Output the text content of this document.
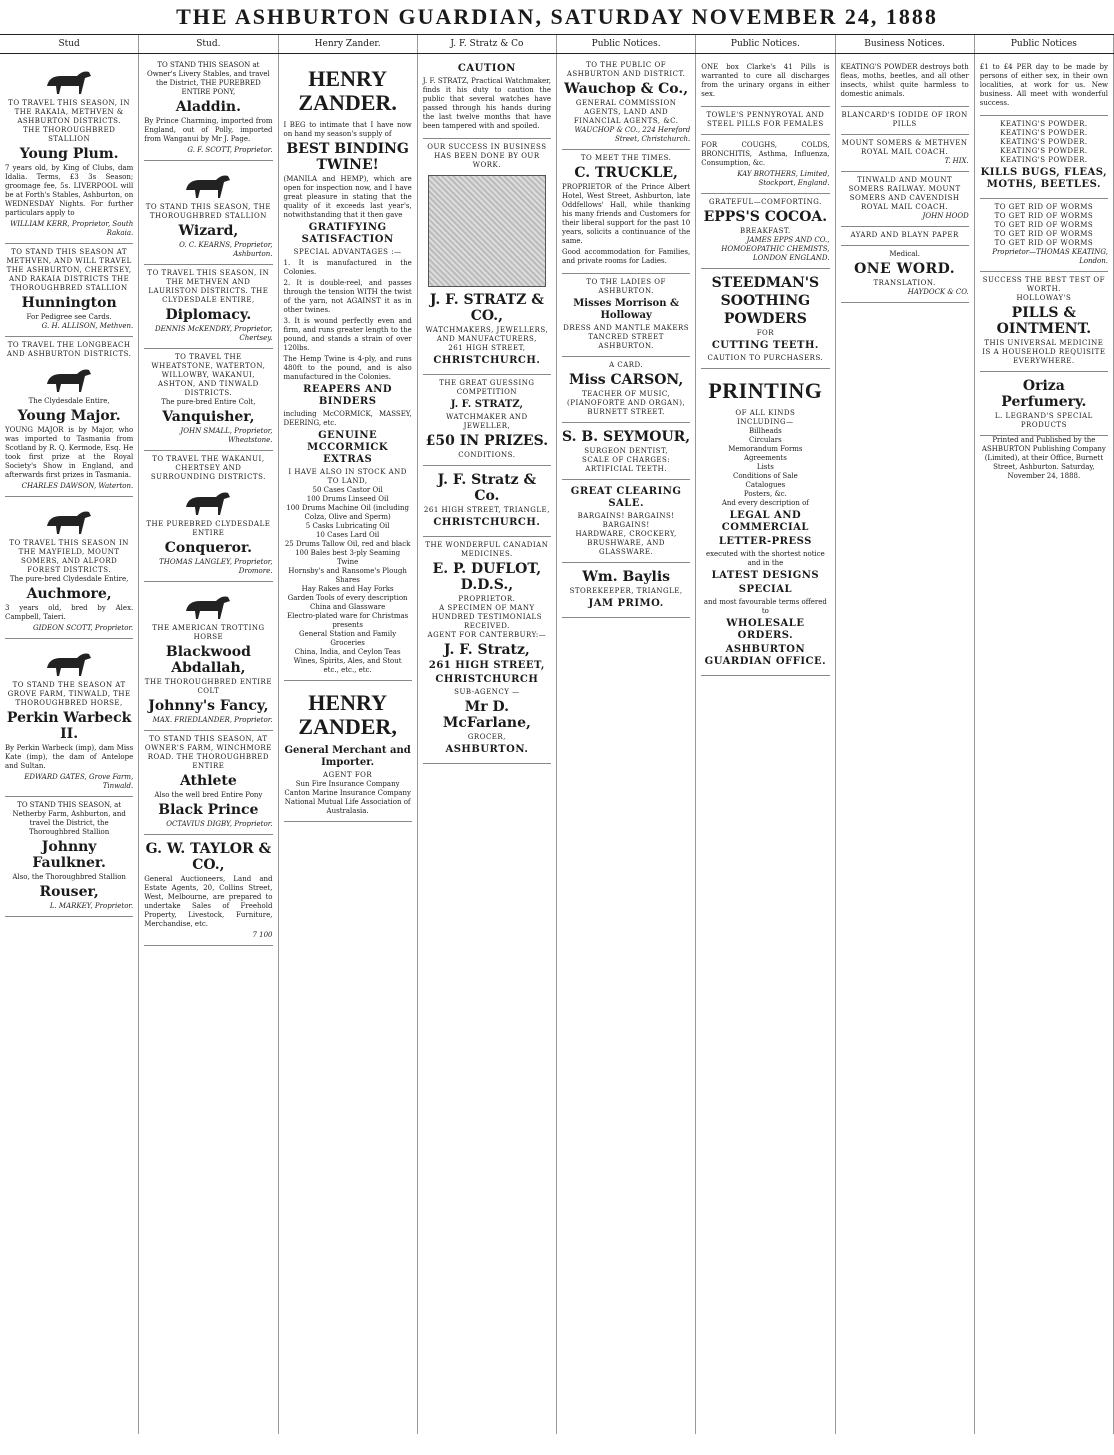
THE ASHBURTON GUARDIAN, SATURDAY NOVEMBER 24, 1888
Stud	Stud.	Henry Zander.	J. F. Stratz & Co	Public Notices.	Public Notices.	Business Notices.	Public Notices
TO TRAVEL THIS SEASON, IN THE RAKAIA, METHVEN & ASHBURTON DISTRICTS.
THE THOROUGHBRED STALLION
Young Plum.

7 years old, by King of Clubs, dam Idalia. Terms, £3 3s Season; groomage fee, 5s. LIVERPOOL will be at Forth's Stables, Ashburton, on WEDNESDAY Nights. For further particulars apply to

WILLIAM KERR, Proprietor, South Rakaia.
TO STAND THIS SEASON AT METHVEN, AND WILL TRAVEL THE ASHBURTON, CHERTSEY, AND RAKAIA DISTRICTS THE THOROUGHBRED STALLION
Hunnington
For Pedigree see Cards.
G. H. ALLISON, Methven.
TO TRAVEL THE LONGBEACH AND ASHBURTON DISTRICTS.
The Clydesdale Entire,
Young Major.

YOUNG MAJOR is by Major, who was imported to Tasmania from Scotland by R. Q. Kermode, Esq. He took first prize at the Royal Society's Show in England, and afterwards first prizes in Tasmania.

CHARLES DAWSON, Waterton.
TO TRAVEL THIS SEASON IN THE MAYFIELD, MOUNT SOMERS, AND ALFORD FOREST DISTRICTS.
The pure-bred Clydesdale Entire,
Auchmore,

3 years old, bred by Alex. Campbell, Taieri.

GIDEON SCOTT, Proprietor.
TO STAND THE SEASON AT GROVE FARM, TINWALD, THE THOROUGHBRED HORSE,
Perkin Warbeck II.

By Perkin Warbeck (imp), dam Miss Kate (imp), the dam of Antelope and Sultan.

EDWARD GATES, Grove Farm, Tinwald.
TO STAND THIS SEASON, at Netherby Farm, Ashburton, and travel the District, the Thoroughbred Stallion
Johnny Faulkner.
Also, the Thoroughbred Stallion
Rouser,
L. MARKEY, Proprietor.
TO STAND THIS SEASON at Owner's Livery Stables, and travel the District, THE PUREBRED ENTIRE PONY,
Aladdin.

By Prince Charming, imported from England, out of Polly, imported from Wanganui by Mr J. Page.

G. F. SCOTT, Proprietor.
TO STAND THIS SEASON, THE THOROUGHBRED STALLION
Wizard,
O. C. KEARNS, Proprietor, Ashburton.
TO TRAVEL THIS SEASON, IN THE METHVEN AND LAURISTON DISTRICTS. THE CLYDESDALE ENTIRE,
Diplomacy.
DENNIS McKENDRY, Proprietor, Chertsey.
TO TRAVEL THE WHEATSTONE, WATERTON, WILLOWBY, WAKANUI, ASHTON, AND TINWALD DISTRICTS.
The pure-bred Entire Colt,
Vanquisher,
JOHN SMALL, Proprietor, Wheatstone.
TO TRAVEL THE WAKANUI, CHERTSEY AND SURROUNDING DISTRICTS.
THE PUREBRED CLYDESDALE ENTIRE
Conqueror.
THOMAS LANGLEY, Proprietor, Dromore.
THE AMERICAN TROTTING HORSE
Blackwood Abdallah,
THE THOROUGHBRED ENTIRE COLT
Johnny's Fancy,
MAX. FRIEDLANDER, Proprietor.
TO STAND THIS SEASON, AT OWNER'S FARM, WINCHMORE ROAD. THE THOROUGHBRED ENTIRE
Athlete
Also the well bred Entire Pony
Black Prince
OCTAVIUS DIGBY, Proprietor.
G. W. TAYLOR & CO.,

General Auctioneers, Land and Estate Agents, 20, Collins Street, West, Melbourne, are prepared to undertake Sales of Freehold Property, Livestock, Furniture, Merchandise, etc.

7 100
HENRY ZANDER.

I BEG to intimate that I have now on hand my season's supply of

BEST BINDING TWINE!

(MANILA and HEMP), which are open for inspection now, and I have great pleasure in stating that the quality of it exceeds last year's, notwithstanding that it then gave

GRATIFYING SATISFACTION
SPECIAL ADVANTAGES :—

1. It is manufactured in the Colonies.

2. It is double-reel, and passes through the tension WITH the twist of the yarn, not AGAINST it as in other twines.

3. It is wound perfectly even and firm, and runs greater length to the pound, and stands a strain of over 120lbs.

The Hemp Twine is 4-ply, and runs 480ft to the pound, and is also manufactured in the Colonies.

REAPERS AND BINDERS

including McCORMICK, MASSEY, DEERING, etc.

GENUINE MCCORMICK EXTRAS
I HAVE ALSO IN STOCK AND TO LAND,
50 Cases Castor Oil
100 Drums Linseed Oil
100 Drums Machine Oil (including Colza, Olive and Sperm)
5 Casks Lubricating Oil
10 Cases Lard Oil
25 Drums Tallow Oil, red and black
100 Bales best 3-ply Seaming Twine
Hornsby's and Ransome's Plough Shares
Hay Rakes and Hay Forks
Garden Tools of every description
China and Glassware
Electro-plated ware for Christmas presents
General Station and Family Groceries
China, India, and Ceylon Teas
Wines, Spirits, Ales, and Stout
etc., etc., etc.
HENRY ZANDER,
General Merchant and Importer.
AGENT FOR
Sun Fire Insurance Company
Canton Marine Insurance Company
National Mutual Life Association of Australasia.
CAUTION

J. F. STRATZ, Practical Watchmaker, finds it his duty to caution the public that several watches have passed through his hands during the last twelve months that have been tampered with and spoiled.

OUR SUCCESS IN BUSINESS HAS BEEN DONE BY OUR WORK.
J. F. STRATZ & CO.,
WATCHMAKERS, JEWELLERS, AND MANUFACTURERS,
261 HIGH STREET,
CHRISTCHURCH.
THE GREAT GUESSING COMPETITION
J. F. STRATZ,
WATCHMAKER AND JEWELLER,
£50 IN PRIZES.
CONDITIONS.
J. F. Stratz & Co.
261 HIGH STREET, TRIANGLE,
CHRISTCHURCH.
THE WONDERFUL CANADIAN MEDICINES.
E. P. DUFLOT, D.D.S.,
PROPRIETOR.
A SPECIMEN OF MANY HUNDRED TESTIMONIALS RECEIVED.
AGENT FOR CANTERBURY:—
J. F. Stratz,
261 HIGH STREET,
CHRISTCHURCH
SUB-AGENCY —
Mr D. McFarlane,
GROCER,
ASHBURTON.
TO THE PUBLIC OF ASHBURTON AND DISTRICT.
Wauchop & Co.,
GENERAL COMMISSION AGENTS, LAND AND FINANCIAL AGENTS, &C.
WAUCHOP & CO., 224 Hereford Street, Christchurch.
TO MEET THE TIMES.
C. TRUCKLE,

PROPRIETOR of the Prince Albert Hotel, West Street, Ashburton, late Oddfellows' Hall, while thanking his many friends and Customers for their liberal support for the past 10 years, solicits a continuance of the same.

Good accommodation for Families, and private rooms for Ladies.

TO THE LADIES OF ASHBURTON.
Misses Morrison & Holloway
DRESS AND MANTLE MAKERS TANCRED STREET ASHBURTON.
A CARD.
Miss CARSON,
TEACHER OF MUSIC, (PIANOFORTE AND ORGAN),
BURNETT STREET.
S. B. SEYMOUR,
SURGEON DENTIST,
SCALE OF CHARGES:
ARTIFICIAL TEETH.
GREAT CLEARING SALE.
BARGAINS! BARGAINS! BARGAINS!
HARDWARE, CROCKERY, BRUSHWARE, AND GLASSWARE.
Wm. Baylis
STOREKEEPER, TRIANGLE,
JAM PRIMO.

ONE box Clarke's 41 Pills is warranted to cure all discharges from the urinary organs in either sex.

TOWLE'S PENNYROYAL AND STEEL PILLS FOR FEMALES

FOR COUGHS, COLDS, BRONCHITIS, Asthma, Influenza, Consumption, &c.

KAY BROTHERS, Limited, Stockport, England.
GRATEFUL—COMFORTING.
EPPS'S COCOA.
BREAKFAST.
JAMES EPPS AND CO., HOMOEOPATHIC CHEMISTS, LONDON ENGLAND.
STEEDMAN'S
SOOTHING
POWDERS
FOR
CUTTING TEETH.
CAUTION TO PURCHASERS.
PRINTING
OF ALL KINDS
INCLUDING—
Billheads
Circulars
Memorandum Forms
Agreements
Lists
Conditions of Sale
Catalogues
Posters, &c.
And every description of
LEGAL AND COMMERCIAL
LETTER-PRESS
executed with the shortest notice and in the
LATEST DESIGNS
SPECIAL
and most favourable terms offered to
WHOLESALE ORDERS.
ASHBURTON GUARDIAN OFFICE.

KEATING'S POWDER destroys both fleas, moths, beetles, and all other insects, whilst quite harmless to domestic animals.

BLANCARD'S IODIDE OF IRON PILLS
MOUNT SOMERS & METHVEN ROYAL MAIL COACH.
T. HIX.
TINWALD AND MOUNT SOMERS RAILWAY. MOUNT SOMERS AND CAVENDISH ROYAL MAIL COACH.
JOHN HOOD
AYARD AND BLAYN PAPER
Medical.
ONE WORD.
TRANSLATION.
HAYDOCK & CO.

£1 to £4 PER day to be made by persons of either sex, in their own localities, at work for us. New business. All meet with wonderful success.

KEATING'S POWDER.
KEATING'S POWDER.
KEATING'S POWDER.
KEATING'S POWDER.
KEATING'S POWDER.
KILLS BUGS, FLEAS, MOTHS, BEETLES.
TO GET RID OF WORMS
TO GET RID OF WORMS
TO GET RID OF WORMS
TO GET RID OF WORMS
TO GET RID OF WORMS
Proprietor—THOMAS KEATING, London.
SUCCESS THE BEST TEST OF WORTH.
HOLLOWAY'S
PILLS & OINTMENT.
THIS UNIVERSAL MEDICINE IS A HOUSEHOLD REQUISITE EVERYWHERE.
Oriza Perfumery.
L. LEGRAND'S SPECIAL PRODUCTS
Printed and Published by the ASHBURTON Publishing Company (Limited), at their Office, Burnett Street, Ashburton. Saturday, November 24, 1888.
